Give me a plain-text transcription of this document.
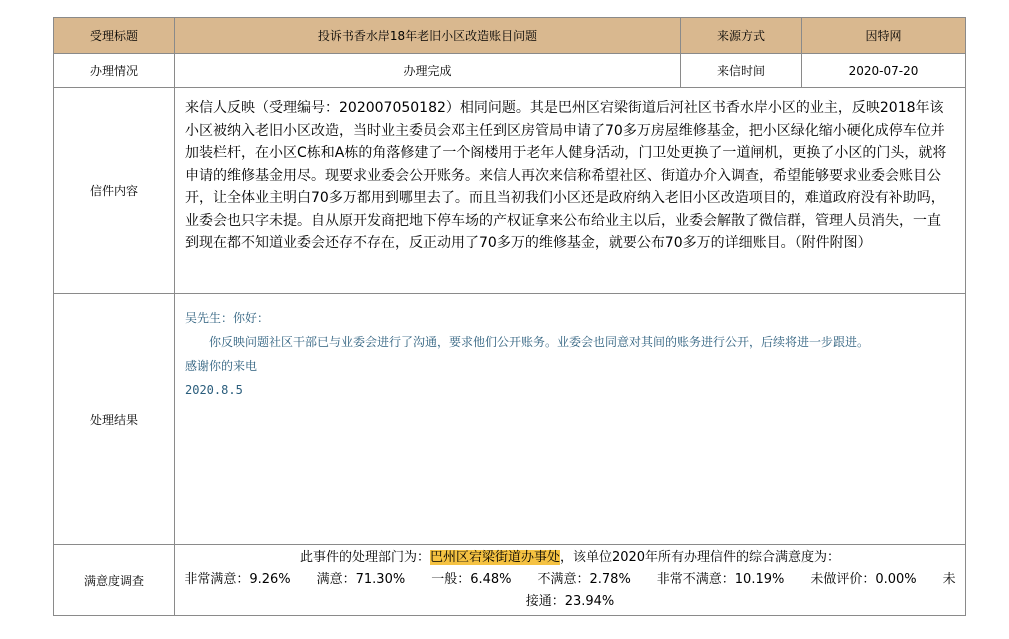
受理标题	投诉书香水岸18年老旧小区改造账目问题	来源方式	因特网
办理情况	办理完成	来信时间	2020-07-20
信件内容	来信人反映（受理编号：202007050182）相同问题。其是巴州区宕梁街道后河社区书香水岸小区的业主，反映2018年该小区被纳入老旧小区改造，当时业主委员会邓主任到区房管局申请了70多万房屋维修基金，把小区绿化缩小硬化成停车位并加装栏杆，在小区C栋和A栋的角落修建了一个阁楼用于老年人健身活动，门卫处更换了一道闸机，更换了小区的门头，就将申请的维修基金用尽。现要求业委会公开账务。来信人再次来信称希望社区、街道办介入调查，希望能够要求业委会账目公开，让全体业主明白70多万都用到哪里去了。而且当初我们小区还是政府纳入老旧小区改造项目的，难道政府没有补助吗，业委会也只字未提。自从原开发商把地下停车场的产权证拿来公布给业主以后，业委会解散了微信群，管理人员消失，一直到现在都不知道业委会还存不存在，反正动用了70多万的维修基金，就要公布70多万的详细账目。（附件附图）		

处理结果	吴先生：你好：
你反映问题社区干部已与业委会进行了沟通，要求他们公开账务。业委会也同意对其间的账务进行公开，后续将进一步跟进。
感谢你的来电
2020.8.5		

满意度调查	此事件的处理部门为：巴州区宕梁街道办事处，该单位2020年所有办理信件的综合满意度为：
非常满意：9.26%　　满意：71.30%　　一般：6.48%　　不满意：2.78%　　非常不满意：10.19%　　未做评价：0.00%　　未接通：23.94%		
